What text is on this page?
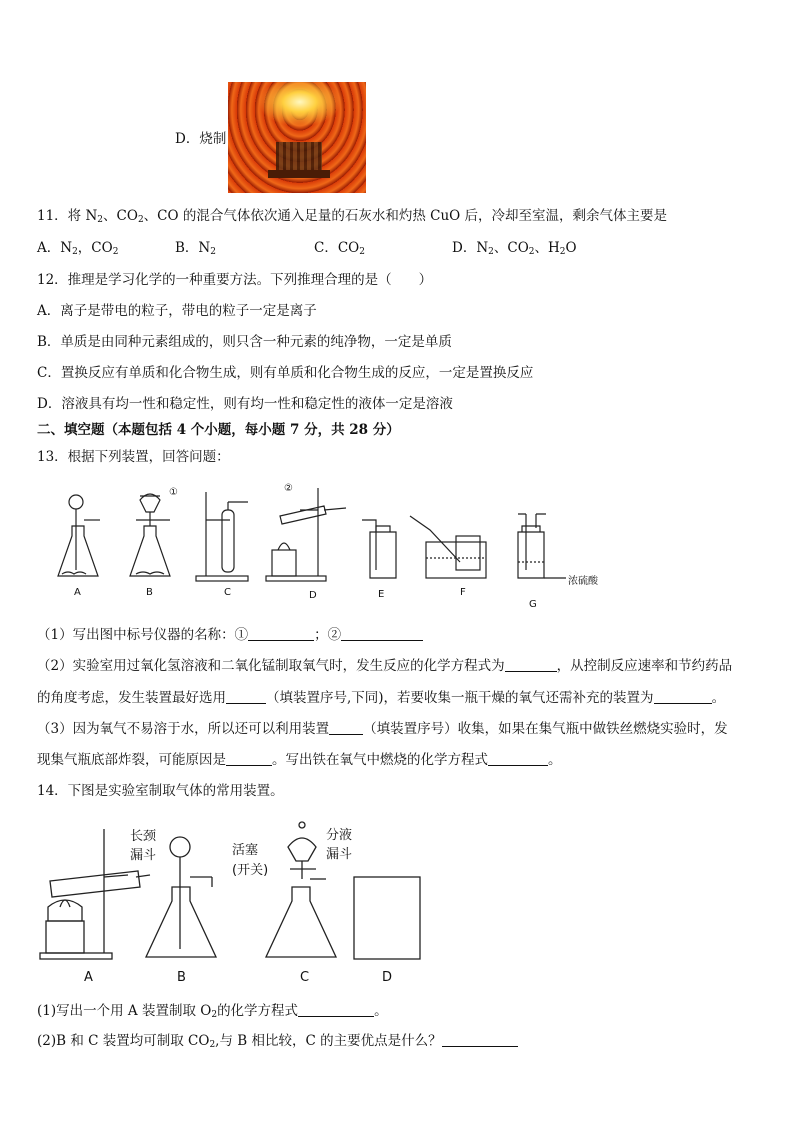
D．烧制
11．将 $N_2$、$CO_2$、CO 的混合气体依次通入足量的石灰水和灼热 CuO 后，冷却至室温，剩余气体主要是
A．$N_2$，$CO_2$	B．$N_2$	C．$CO_2$	D．$N_2$、$CO_2$、$H_2O$
12．推理是学习化学的一种重要方法。下列推理合理的是（　　）
A．离子是带电的粒子，带电的粒子一定是离子
B．单质是由同种元素组成的，则只含一种元素的纯净物，一定是单质
C．置换反应有单质和化合物生成，则有单质和化合物生成的反应，一定是置换反应
D．溶液具有均一性和稳定性，则有均一性和稳定性的液体一定是溶液
二、填空题（本题包括 4 个小题，每小题 7 分，共 28 分）
13．根据下列装置，回答问题：
①	②
浓硫酸
A	B	C	D	E	F
G
（1）写出图中标号仪器的名称：①	；②
（2）实验室用过氧化氢溶液和二氧化锰制取氧气时，发生反应的化学方程式为	，从控制反应速率和节约药品
的角度考虑，发生装置最好选用	（填装置序号,下同)，若要收集一瓶干燥的氧气还需补充的装置为	。
（3）因为氧气不易溶于水，所以还可以利用装置	（填装置序号）收集，如果在集气瓶中做铁丝燃烧实验时，发
现集气瓶底部炸裂，可能原因是	。写出铁在氧气中燃烧的化学方程式	。
14．下图是实验室制取气体的常用装置。
长颈
漏斗	活塞
(开关)
分液
漏斗
A	B	C	D
(1)写出一个用 A 装置制取 $O_2$的化学方程式	。
(2)B 和 C 装置均可制取 $CO_2$,与 B 相比较，C 的主要优点是什么？
